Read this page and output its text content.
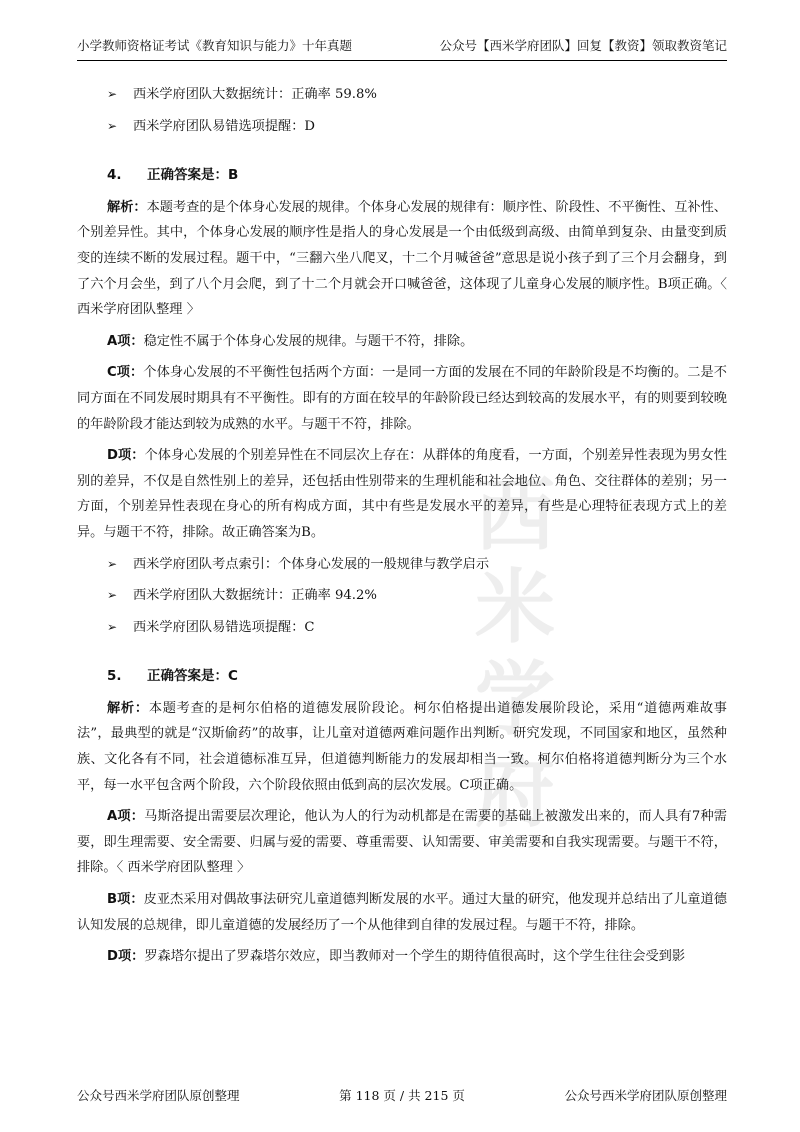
小学教师资格证考试《教育知识与能力》十年真题	公众号【西米学府团队】回复【教资】领取教资笔记
西米学府
➢	西米学府团队大数据统计：正确率 59.8%
➢	西米学府团队易错选项提醒：D
4. 正确答案是：B

解析：本题考查的是个体身心发展的规律。个体身心发展的规律有：顺序性、阶段性、不平衡性、互补性、个别差异性。其中，个体身心发展的顺序性是指人的身心发展是一个由低级到高级、由简单到复杂、由量变到质变的连续不断的发展过程。题干中，“三翻六坐八爬叉，十二个月喊爸爸”意思是说小孩子到了三个月会翻身，到了六个月会坐，到了八个月会爬，到了十二个月就会开口喊爸爸，这体现了儿童身心发展的顺序性。B项正确。〈 西米学府团队整理 〉

A项：稳定性不属于个体身心发展的规律。与题干不符，排除。

C项：个体身心发展的不平衡性包括两个方面：一是同一方面的发展在不同的年龄阶段是不均衡的。二是不同方面在不同发展时期具有不平衡性。即有的方面在较早的年龄阶段已经达到较高的发展水平，有的则要到较晚的年龄阶段才能达到较为成熟的水平。与题干不符，排除。

D项：个体身心发展的个别差异性在不同层次上存在：从群体的角度看，一方面，个别差异性表现为男女性别的差异，不仅是自然性别上的差异，还包括由性别带来的生理机能和社会地位、角色、交往群体的差别；另一方面，个别差异性表现在身心的所有构成方面，其中有些是发展水平的差异，有些是心理特征表现方式上的差异。与题干不符，排除。故正确答案为B。

➢	西米学府团队考点索引：个体身心发展的一般规律与教学启示
➢	西米学府团队大数据统计：正确率 94.2%
➢	西米学府团队易错选项提醒：C
5. 正确答案是：C

解析：本题考查的是柯尔伯格的道德发展阶段论。柯尔伯格提出道德发展阶段论，采用“道德两难故事法”，最典型的就是“汉斯偷药”的故事，让儿童对道德两难问题作出判断。研究发现，不同国家和地区，虽然种族、文化各有不同，社会道德标准互异，但道德判断能力的发展却相当一致。柯尔伯格将道德判断分为三个水平，每一水平包含两个阶段，六个阶段依照由低到高的层次发展。C项正确。

A项：马斯洛提出需要层次理论，他认为人的行为动机都是在需要的基础上被激发出来的，而人具有7种需要，即生理需要、安全需要、归属与爱的需要、尊重需要、认知需要、审美需要和自我实现需要。与题干不符，排除。〈 西米学府团队整理 〉

B项：皮亚杰采用对偶故事法研究儿童道德判断发展的水平。通过大量的研究，他发现并总结出了儿童道德认知发展的总规律，即儿童道德的发展经历了一个从他律到自律的发展过程。与题干不符，排除。

D项：罗森塔尔提出了罗森塔尔效应，即当教师对一个学生的期待值很高时，这个学生往往会受到影

公众号西米学府团队原创整理	第 118 页 / 共 215 页	公众号西米学府团队原创整理
